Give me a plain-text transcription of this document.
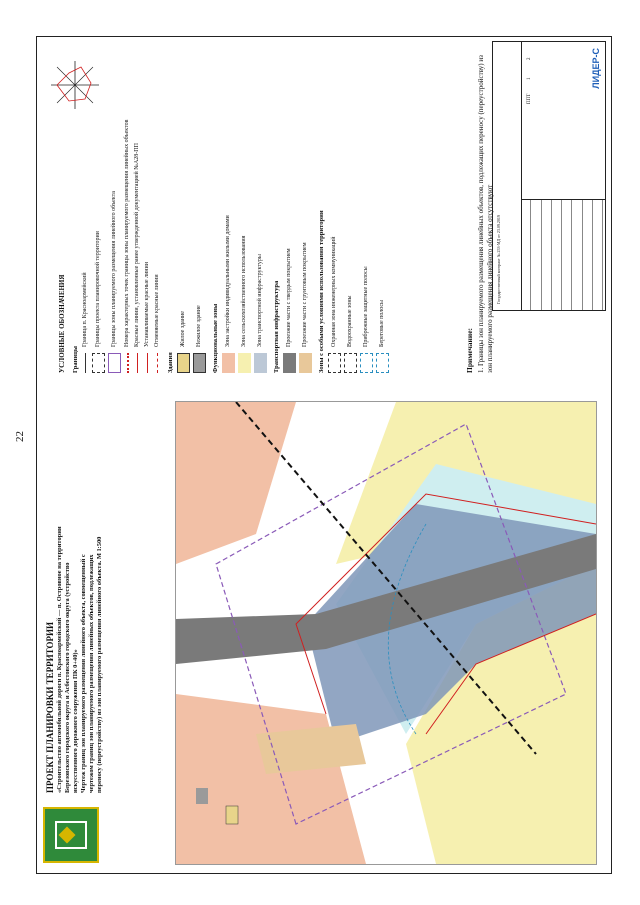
22
ПРОЕКТ ПЛАНИРОВКИ ТЕРРИТОРИИ «Строительство автомобильной дороги п. Красноармейский — п. Островное на территории Березовского городского округа и Асбестовского городского округа (устройство искусственного дорожного сооружения ПК 0+40)» Чертеж границ зон планируемого размещения линейного объекта, совмещенный с чертежом границ зон планируемого размещения линейных объектов, подлежащих переносу (переустройству) из зон планируемого размещения линейного объекта. М 1:500
УСЛОВНЫЕ ОБОЗНАЧЕНИЯ Границы
Граница п. Красноармейский Границы проекта планировочной территории Границы зоны планируемого размещения линейного объекта Номера характерных точек границы зоны планируемого размещения линейных объектов Красные линии, установленные ранее утвержденной документацией №А28-ПП Устанавливаемые красные линии Отменяемые красные линии
Здания
Жилое здание Нежилое здание Функциональные зоны Зона застройки индивидуальными жилыми домами Зона сельскохозяйственного использования Зона транспортной инфраструктуры Транспортная инфраструктура Проезжие части с твердым покрытием Проезжие части с грунтовым покрытием Зоны с особыми условиями использования территории Охранная зона инженерных коммуникаций Водоохранные зоны Прибрежные защитные полосы Береговые полосы
Примечание: 1. Границы зон планируемого размещения линейных объектов, подлежащих переносу (переустройству) из зон планируемого размещения линейного объекта отсутствуют Государственный контракт № 253-МД от 23.09.2019
ППТ
1
2	ЛИДЕР-С
